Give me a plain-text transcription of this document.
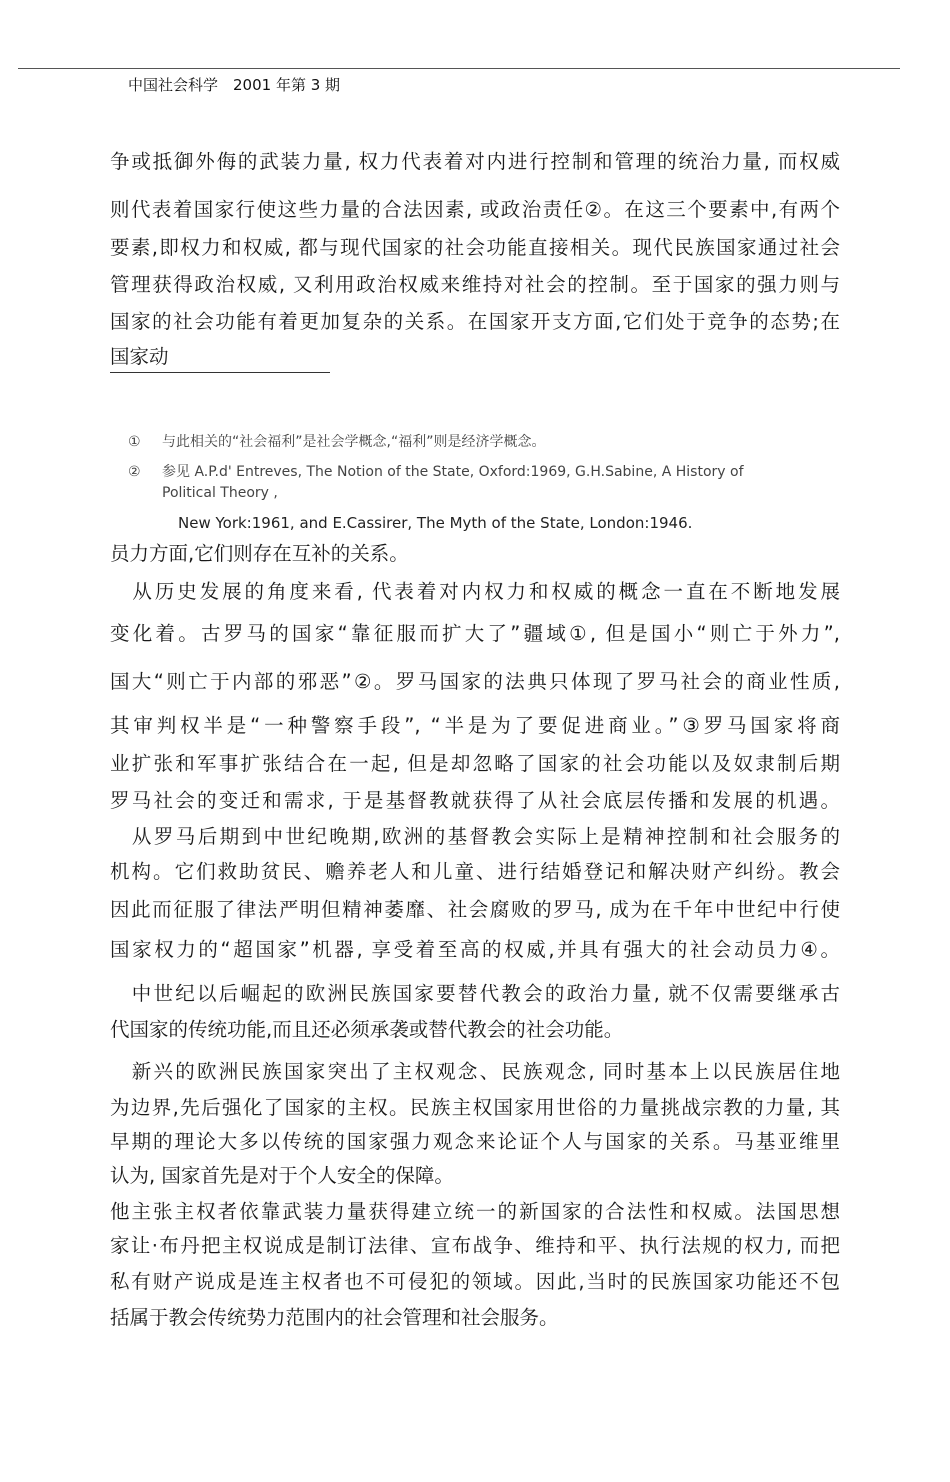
中国社会科学　2001 年第 3 期
争或抵御外侮的武装力量, 权力代表着对内进行控制和管理的统治力量, 而权威
则代表着国家行使这些力量的合法因素, 或政治责任②。在这三个要素中,有两个
要素,即权力和权威, 都与现代国家的社会功能直接相关。现代民族国家通过社会
管理获得政治权威, 又利用政治权威来维持对社会的控制。至于国家的强力则与
国家的社会功能有着更加复杂的关系。在国家开支方面,它们处于竞争的态势;在
国家动
① 与此相关的“社会福利”是社会学概念,“福利”则是经济学概念。
② 参见 A.P.d' Entreves, The Notion of the State, Oxford:1969, G.H.Sabine, A History of
Political Theory ,
New York:1961, and E.Cassirer, The Myth of the State, London:1946.
员力方面,它们则存在互补的关系。
　从历史发展的角度来看, 代表着对内权力和权威的概念一直在不断地发展
变化着。古罗马的国家“靠征服而扩大了”疆域①, 但是国小“则亡于外力”,
国大“则亡于内部的邪恶”②。罗马国家的法典只体现了罗马社会的商业性质,
其审判权半是“一种警察手段”, “半是为了要促进商业。”③罗马国家将商
业扩张和军事扩张结合在一起, 但是却忽略了国家的社会功能以及奴隶制后期
罗马社会的变迁和需求, 于是基督教就获得了从社会底层传播和发展的机遇。
　从罗马后期到中世纪晚期,欧洲的基督教会实际上是精神控制和社会服务的
机构。它们救助贫民、赡养老人和儿童、进行结婚登记和解决财产纠纷。教会
因此而征服了律法严明但精神萎靡、社会腐败的罗马, 成为在千年中世纪中行使
国家权力的“超国家”机器, 享受着至高的权威,并具有强大的社会动员力④。
　中世纪以后崛起的欧洲民族国家要替代教会的政治力量, 就不仅需要继承古
代国家的传统功能,而且还必须承袭或替代教会的社会功能。
　新兴的欧洲民族国家突出了主权观念、民族观念, 同时基本上以民族居住地
为边界,先后强化了国家的主权。民族主权国家用世俗的力量挑战宗教的力量, 其
早期的理论大多以传统的国家强力观念来论证个人与国家的关系。马基亚维里
认为, 国家首先是对于个人安全的保障。
他主张主权者依靠武装力量获得建立统一的新国家的合法性和权威。法国思想
家让·布丹把主权说成是制订法律、宣布战争、维持和平、执行法规的权力, 而把
私有财产说成是连主权者也不可侵犯的领域。因此,当时的民族国家功能还不包
括属于教会传统势力范围内的社会管理和社会服务。
